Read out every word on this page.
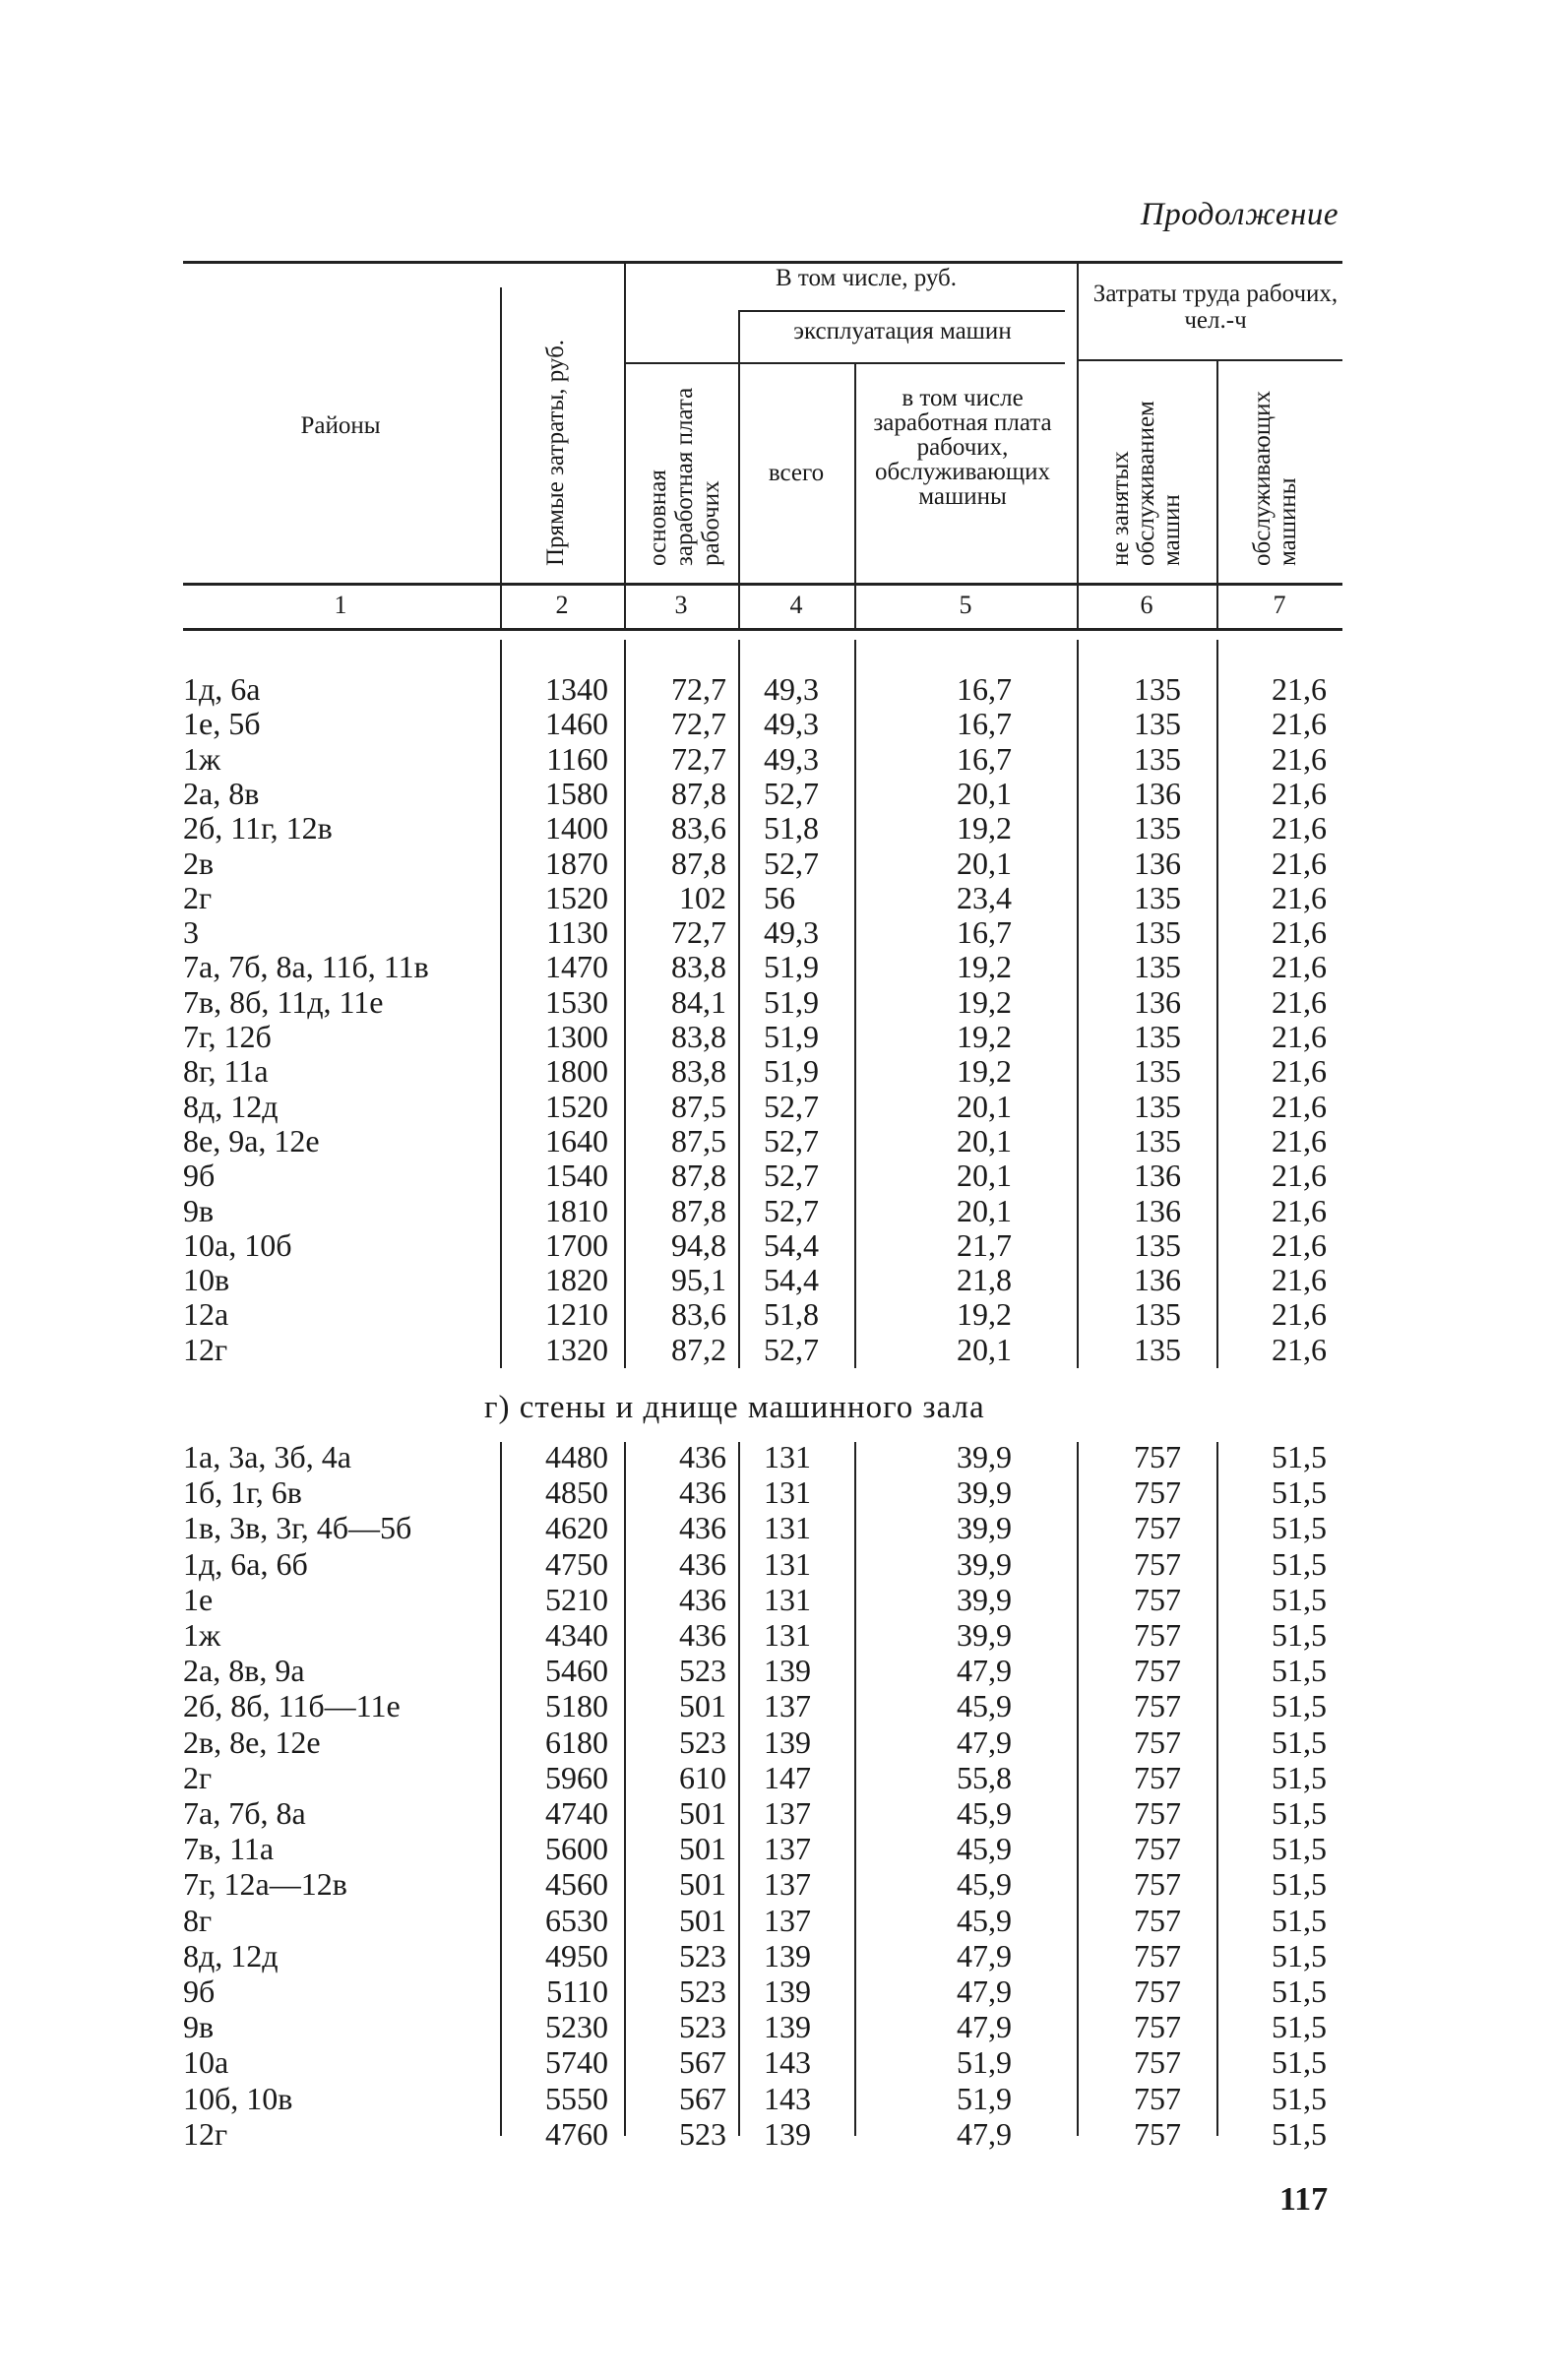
Продолжение
Районы	Прямые затраты, руб.
В том числе, руб.
основная заработная плата рабочих
эксплуатация машин
всего
в том числе заработная плата рабочих, обслуживающих машины
Затраты труда рабочих, чел.-ч
не занятых обслуживанием машин	обслуживающих машины
1	2	3	4	5	6	7
1д, 6а	1340	72,7 49,3	16,7	135	21,6
1е, 5б	1460	72,7 49,3	16,7	135	21,6
1ж	1160	72,7 49,3	16,7	135	21,6
2а, 8в	1580	87,8 52,7	20,1	136	21,6
2б, 11г, 12в	1400	83,6 51,8	19,2	135	21,6
2в	1870	87,8 52,7	20,1	136	21,6
2г	1520	102 56	23,4	135	21,6
3	1130	72,7 49,3	16,7	135	21,6
7а, 7б, 8а, 11б, 11в	1470	83,8 51,9	19,2	135	21,6
7в, 8б, 11д, 11е	1530	84,1 51,9	19,2	136	21,6
7г, 12б	1300	83,8 51,9	19,2	135	21,6
8г, 11а	1800	83,8 51,9	19,2	135	21,6
8д, 12д	1520	87,5 52,7	20,1	135	21,6
8е, 9а, 12е	1640	87,5 52,7	20,1	135	21,6
9б	1540	87,8 52,7	20,1	136	21,6
9в	1810	87,8 52,7	20,1	136	21,6
10а, 10б	1700	94,8 54,4	21,7	135	21,6
10в	1820	95,1 54,4	21,8	136	21,6
12а	1210	83,6 51,8	19,2	135	21,6
12г	1320	87,2 52,7	20,1	135	21,6
г) стены и днище машинного зала
1а, 3а, 3б, 4а	4480	436 131	39,9	757	51,5
1б, 1г, 6в	4850	436 131	39,9	757	51,5
1в, 3в, 3г, 4б—5б	4620	436 131	39,9	757	51,5
1д, 6а, 6б	4750	436 131	39,9	757	51,5
1е	5210	436 131	39,9	757	51,5
1ж	4340	436 131	39,9	757	51,5
2а, 8в, 9а	5460	523 139	47,9	757	51,5
2б, 8б, 11б—11е	5180	501 137	45,9	757	51,5
2в, 8е, 12е	6180	523 139	47,9	757	51,5
2г	5960	610 147	55,8	757	51,5
7а, 7б, 8а	4740	501 137	45,9	757	51,5
7в, 11а	5600	501 137	45,9	757	51,5
7г, 12а—12в	4560	501 137	45,9	757	51,5
8г	6530	501 137	45,9	757	51,5
8д, 12д	4950	523 139	47,9	757	51,5
9б	5110	523 139	47,9	757	51,5
9в	5230	523 139	47,9	757	51,5
10а	5740	567 143	51,9	757	51,5
10б, 10в	5550	567 143	51,9	757	51,5
12г	4760	523 139	47,9	757	51,5
117
